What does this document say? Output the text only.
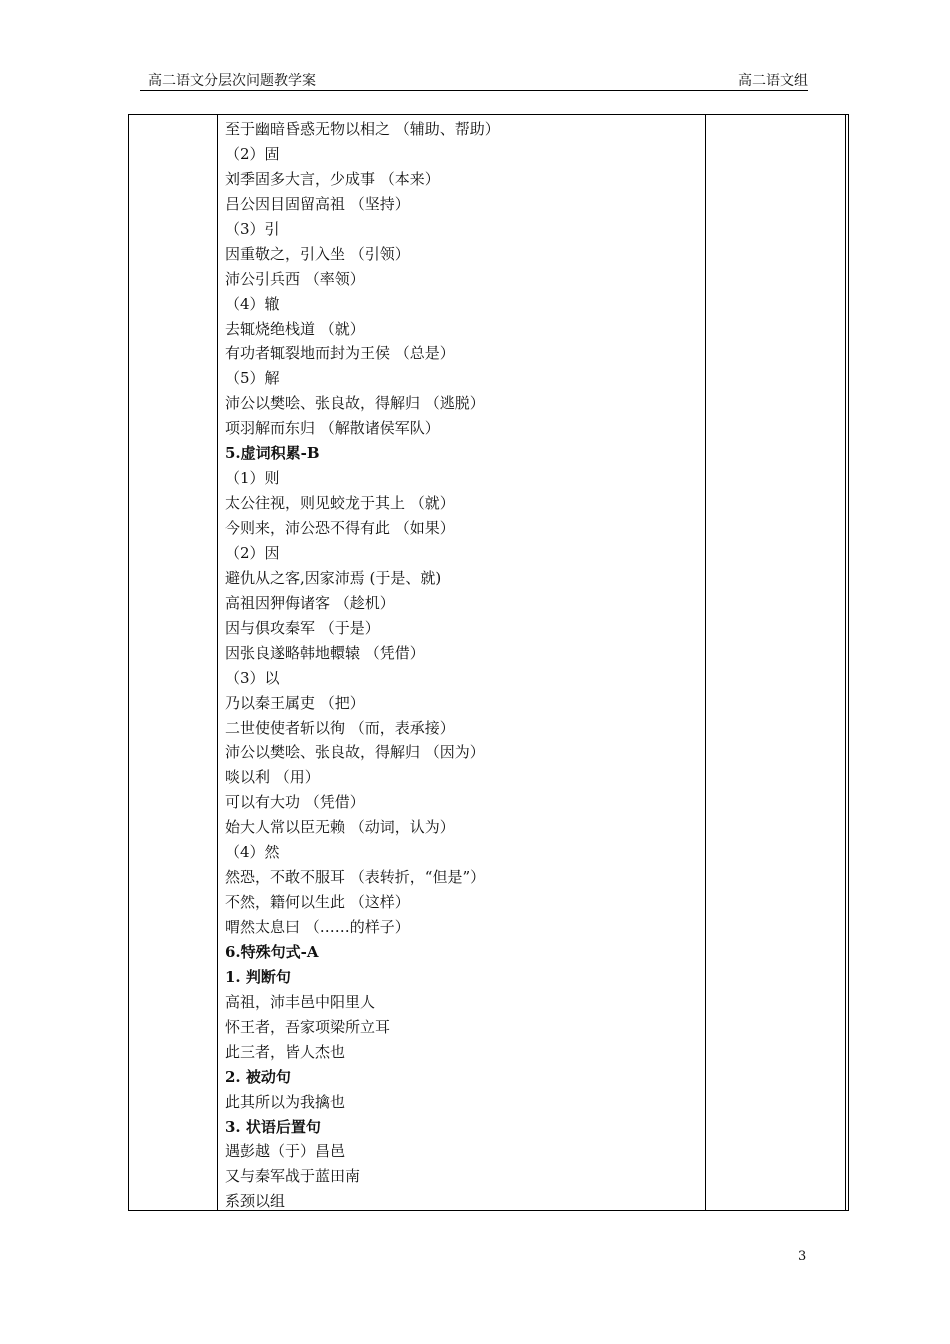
高二语文分层次问题教学案	高二语文组
至于幽暗昏惑无物以相之 （辅助、帮助）
（2）固
刘季固多大言，少成事 （本来）
吕公因目固留高祖 （坚持）
（3）引
因重敬之，引入坐 （引领）
沛公引兵西 （率领）
（4）辙
去辄烧绝栈道 （就）
有功者辄裂地而封为王侯 （总是）
（5）解
沛公以樊哙、张良故，得解归 （逃脱）
项羽解而东归 （解散诸侯军队）
5.虚词积累-B
（1）则
太公往视，则见蛟龙于其上 （就）
今则来，沛公恐不得有此 （如果）
（2）因
避仇从之客,因家沛焉 (于是、就)
高祖因狎侮诸客 （趁机）
因与俱攻秦军 （于是）
因张良遂略韩地轘辕 （凭借）
（3）以
乃以秦王属吏 （把）
二世使使者斩以徇 （而，表承接）
沛公以樊哙、张良故，得解归 （因为）
啖以利 （用）
可以有大功 （凭借）
始大人常以臣无赖 （动词，认为）
（4）然
然恐，不敢不服耳 （表转折，“但是”）
不然，籍何以生此 （这样）
喟然太息曰 （……的样子）
6.特殊句式-A
1. 判断句
高祖，沛丰邑中阳里人
怀王者，吾家项梁所立耳
此三者，皆人杰也
2. 被动句
此其所以为我擒也
3. 状语后置句
遇彭越（于）昌邑
又与秦军战于蓝田南
系颈以组
3
